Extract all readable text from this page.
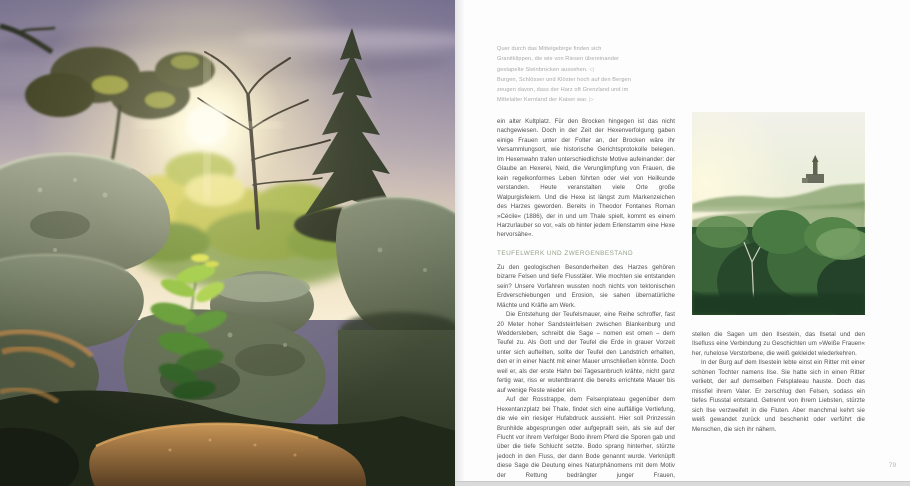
Quer durch das Mittelgebirge finden sich Granitklippen, die wie von Riesen übereinander gestapelte Steinbrocken aussehen. ◁

Burgen, Schlösser und Klöster hoch auf den Bergen zeugen davon, dass der Harz oft Grenzland und im Mittelalter Kernland der Kaiser war. ▷

ein alter Kultplatz. Für den Brocken hingegen ist das nicht nachgewiesen. Doch in der Zeit der Hexenverfolgung gaben einige Frauen unter der Folter an, der Brocken wäre ihr Versammlungsort, wie historische Gerichtsprotokolle belegen. Im Hexenwahn trafen unterschiedlichste Motive aufeinander: der Glaube an Hexerei, Neid, die Verunglimpfung von Frauen, die kein regelkonformes Leben führten oder viel von Heilkunde verstanden. Heute veranstalten viele Orte große Walpurgisfeiern. Und die Hexe ist längst zum Markenzeichen des Harzes geworden. Bereits in Theodor Fontanes Roman »Cécile« (1886), der in und um Thale spielt, kommt es einem Harzurlauber so vor, »als ob hinter jedem Erlenstamm eine Hexe hervorsähe«.

TEUFELWERK UND ZWERGENBESTAND

Zu den geologischen Besonderheiten des Harzes gehören bizarre Felsen und tiefe Flusstäler. Wie mochten sie entstanden sein? Unsere Vorfahren wussten noch nichts von tektonischen Erdverschiebungen und Erosion, sie sahen übernatürliche Mächte und Kräfte am Werk.

Die Entstehung der Teufelsmauer, eine Reihe schroffer, fast 20 Meter hoher Sandsteinfelsen zwischen Blankenburg und Weddersleben, schreibt die Sage – nomen est omen – dem Teufel zu. Als Gott und der Teufel die Erde in grauer Vorzeit unter sich aufteilten, sollte der Teufel den Landstrich erhalten, den er in einer Nacht mit einer Mauer umschließen könnte. Doch weil er, als der erste Hahn bei Tagesanbruch krähte, nicht ganz fertig war, riss er wutentbrannt die bereits errichtete Mauer bis auf wenige Reste wieder ein.

Auf der Rosstrappe, dem Felsenplateau gegenüber dem Hexentanzplatz bei Thale, findet sich eine auffällige Vertiefung, die wie ein riesiger Hufabdruck aussieht. Hier soll Prinzessin Brunhilde abgesprungen oder aufgeprallt sein, als sie auf der Flucht vor ihrem Verfolger Bodo ihrem Pferd die Sporen gab und über die tiefe Schlucht setzte. Bodo sprang hinterher, stürzte jedoch in den Fluss, der dann Bode genannt wurde. Verknüpft diese Sage die Deutung eines Naturphänomens mit dem Motiv der Rettung bedrängter junger Frauen,

stellen die Sagen um den Ilsestein, das Ilsetal und den Ilsefluss eine Verbindung zu Geschichten um »Weiße Frauen« her, ruhelose Verstorbene, die weiß gekleidet wiederkehren.

In der Burg auf dem Ilsestein lebte einst ein Ritter mit einer schönen Tochter namens Ilse. Sie hatte sich in einen Ritter verliebt, der auf demselben Felsplateau hauste. Doch das missfiel ihrem Vater. Er zerschlug den Felsen, sodass ein tiefes Flusstal entstand. Getrennt von ihrem Liebsten, stürzte sich Ilse verzweifelt in die Fluten. Aber manchmal kehrt sie weiß gewandet zurück und beschenkt oder verführt die Menschen, die sich ihr nähern.

79
